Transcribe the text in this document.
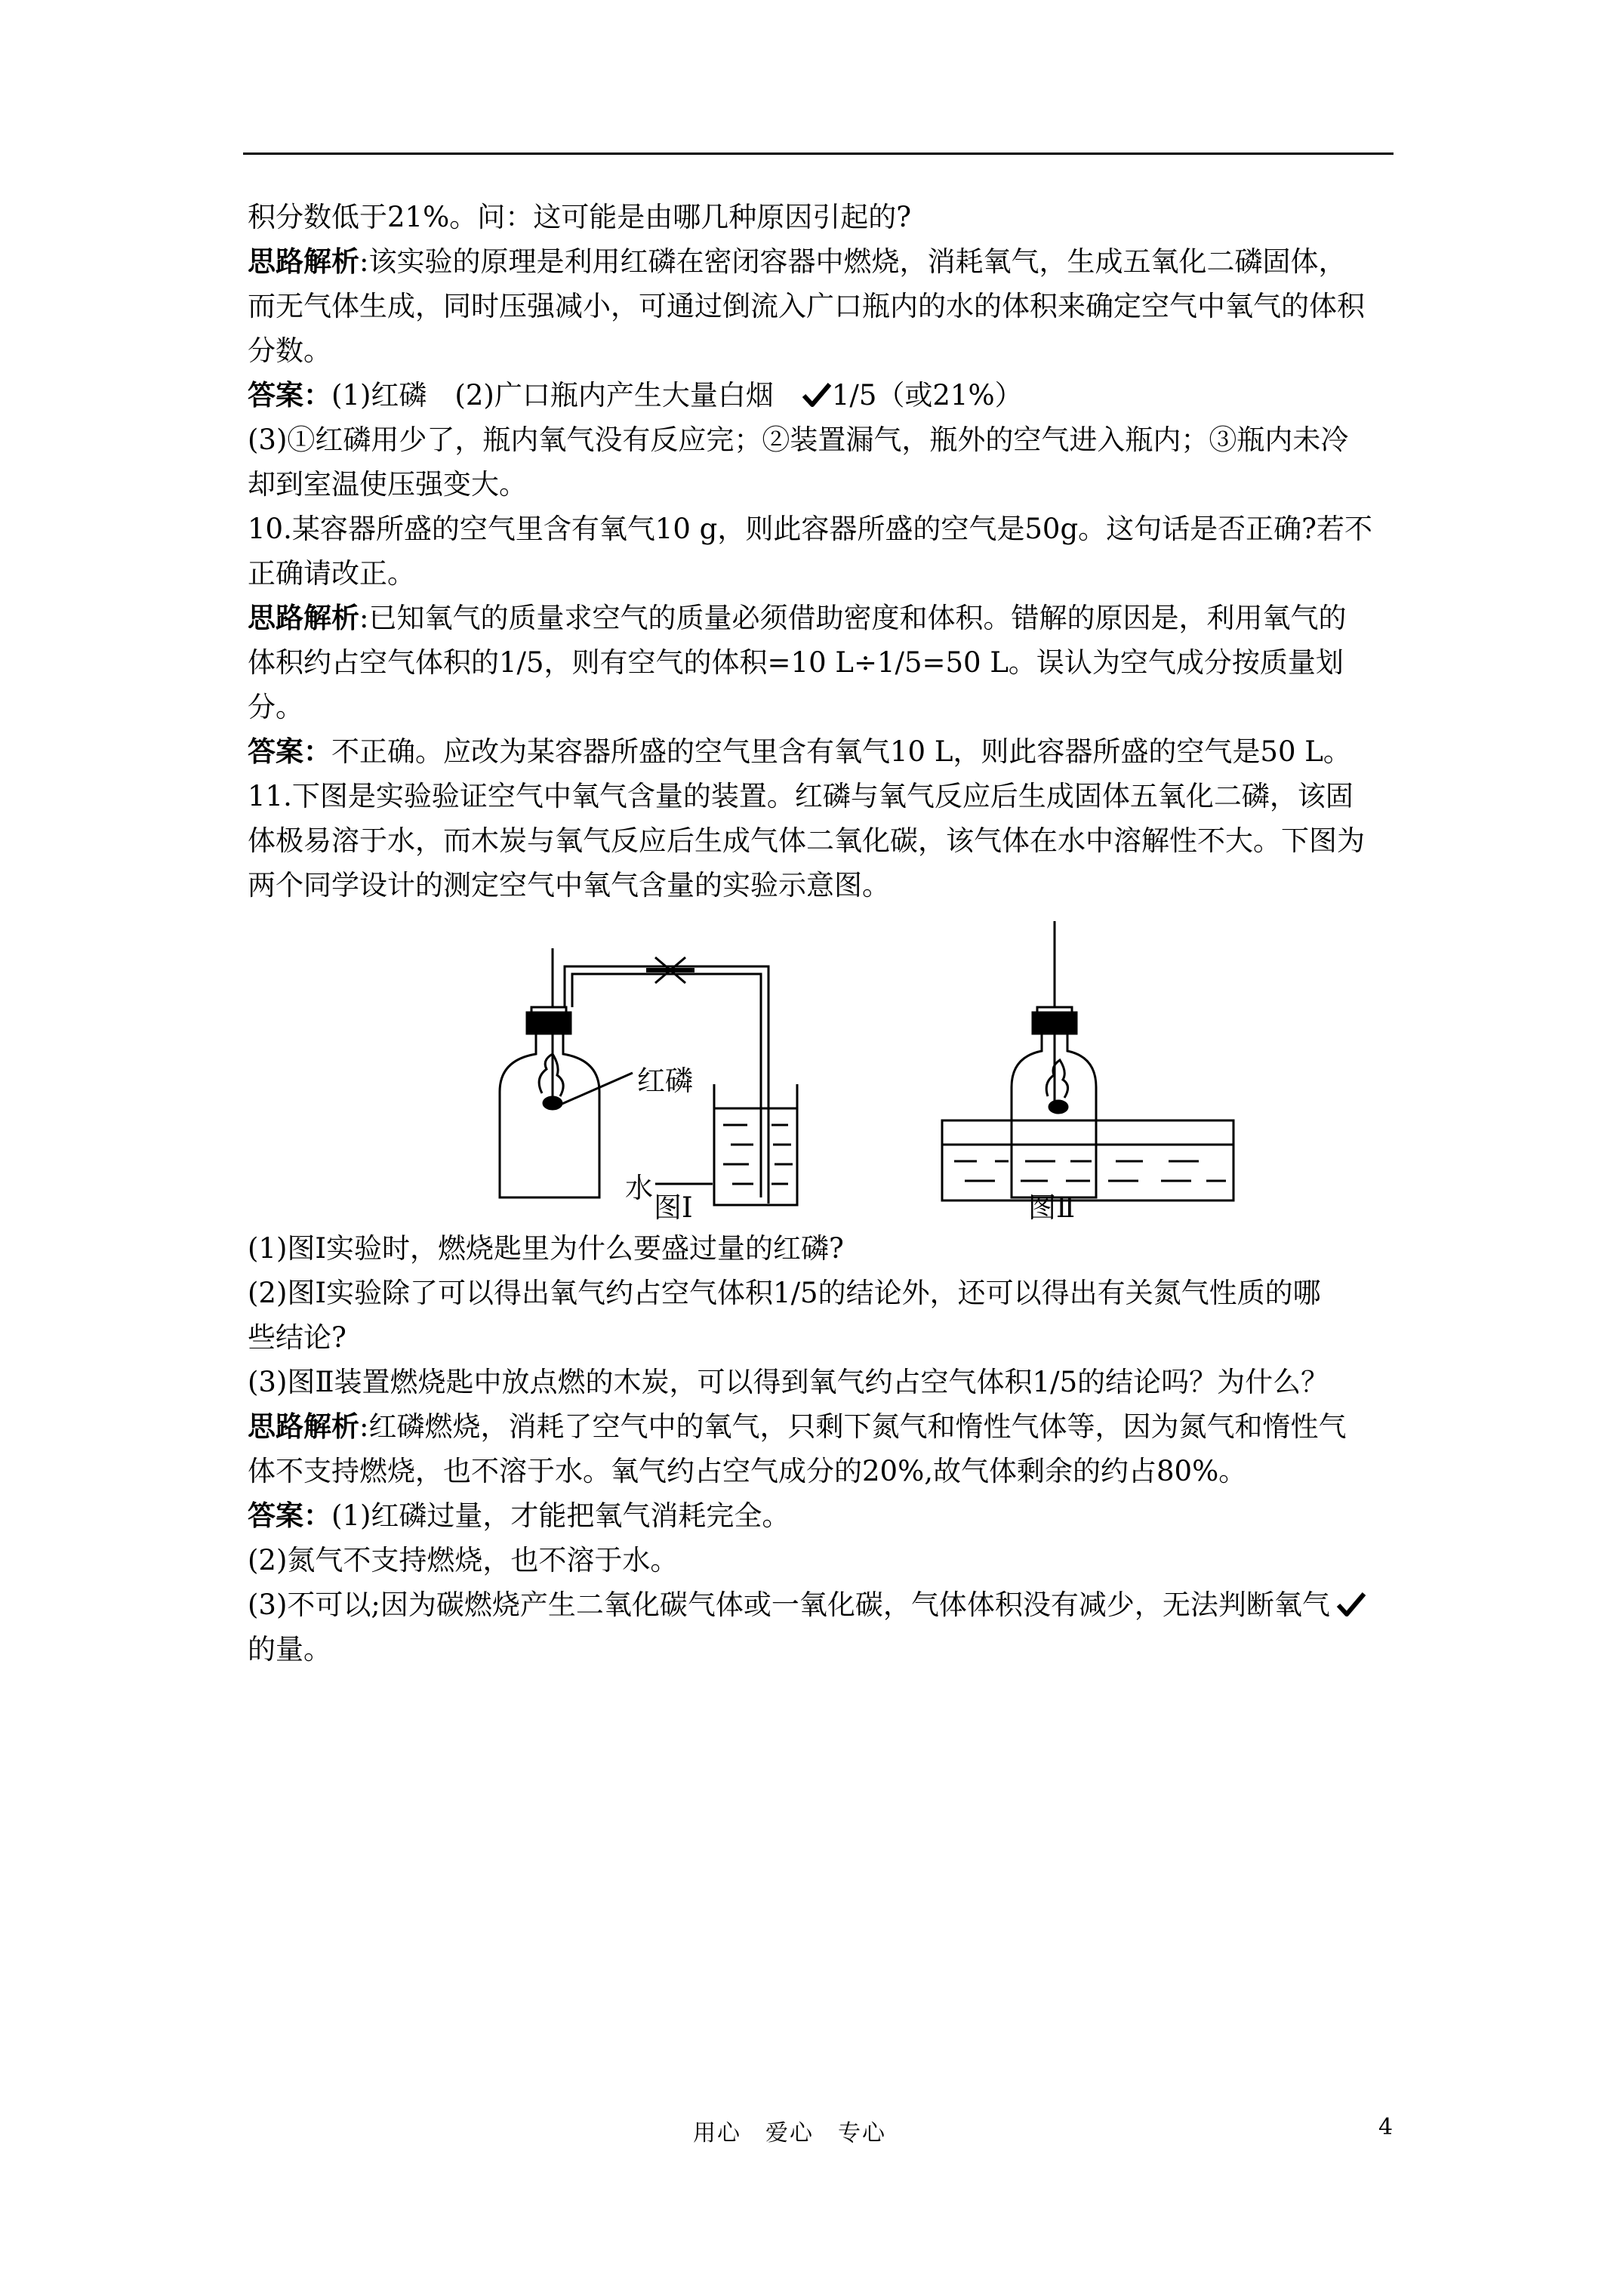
积分数低于21%。问：这可能是由哪几种原因引起的?

思路解析:该实验的原理是利用红磷在密闭容器中燃烧，消耗氧气，生成五氧化二磷固体，

而无气体生成，同时压强减小，可通过倒流入广口瓶内的水的体积来确定空气中氧气的体积

分数。

答案：(1)红磷　(2)广口瓶内产生大量白烟　1/5（或21%）

(3)①红磷用少了，瓶内氧气没有反应完；②装置漏气，瓶外的空气进入瓶内；③瓶内未冷

却到室温使压强变大。

10.某容器所盛的空气里含有氧气10 g，则此容器所盛的空气是50g。这句话是否正确?若不

正确请改正。

思路解析:已知氧气的质量求空气的质量必须借助密度和体积。错解的原因是，利用氧气的

体积约占空气体积的1/5，则有空气的体积=10 L÷1/5=50 L。误认为空气成分按质量划分。

答案：不正确。应改为某容器所盛的空气里含有氧气10 L，则此容器所盛的空气是50 L。

11.下图是实验验证空气中氧气含量的装置。红磷与氧气反应后生成固体五氧化二磷，该固

体极易溶于水，而木炭与氧气反应后生成气体二氧化碳，该气体在水中溶解性不大。下图为

两个同学设计的测定空气中氧气含量的实验示意图。

红磷
水
图Ⅰ	图Ⅱ

(1)图Ⅰ实验时，燃烧匙里为什么要盛过量的红磷?

(2)图Ⅰ实验除了可以得出氧气约占空气体积1/5的结论外，还可以得出有关氮气性质的哪

些结论?

(3)图Ⅱ装置燃烧匙中放点燃的木炭，可以得到氧气约占空气体积1/5的结论吗？为什么？

思路解析:红磷燃烧，消耗了空气中的氧气，只剩下氮气和惰性气体等，因为氮气和惰性气

体不支持燃烧，也不溶于水。氧气约占空气成分的20%,故气体剩余的约占80%。

答案：(1)红磷过量，才能把氧气消耗完全。

(2)氮气不支持燃烧，也不溶于水。

(3)不可以;因为碳燃烧产生二氧化碳气体或一氧化碳，气体体积没有减少，无法判断氧气

的量。

用心　爱心　专心	4
